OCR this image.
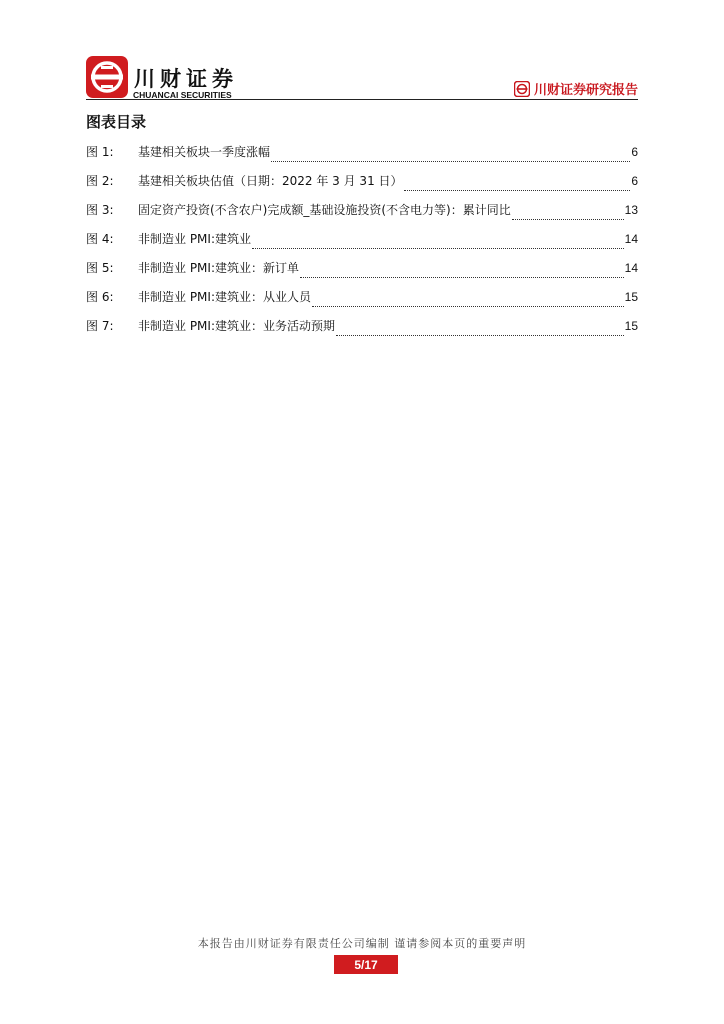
川财证券
CHUANCAI SECURITIES	川财证券研究报告
图表目录
图 1:	基建相关板块一季度涨幅	6
图 2:	基建相关板块估值（日期：2022 年 3 月 31 日）	6
图 3:	固定资产投资(不含农户)完成额_基础设施投资(不含电力等)：累计同比	13
图 4:	非制造业 PMI:建筑业	14
图 5:	非制造业 PMI:建筑业：新订单	14
图 6:	非制造业 PMI:建筑业：从业人员	15
图 7:	非制造业 PMI:建筑业：业务活动预期	15
本报告由川财证券有限责任公司编制 谨请参阅本页的重要声明
5/17
